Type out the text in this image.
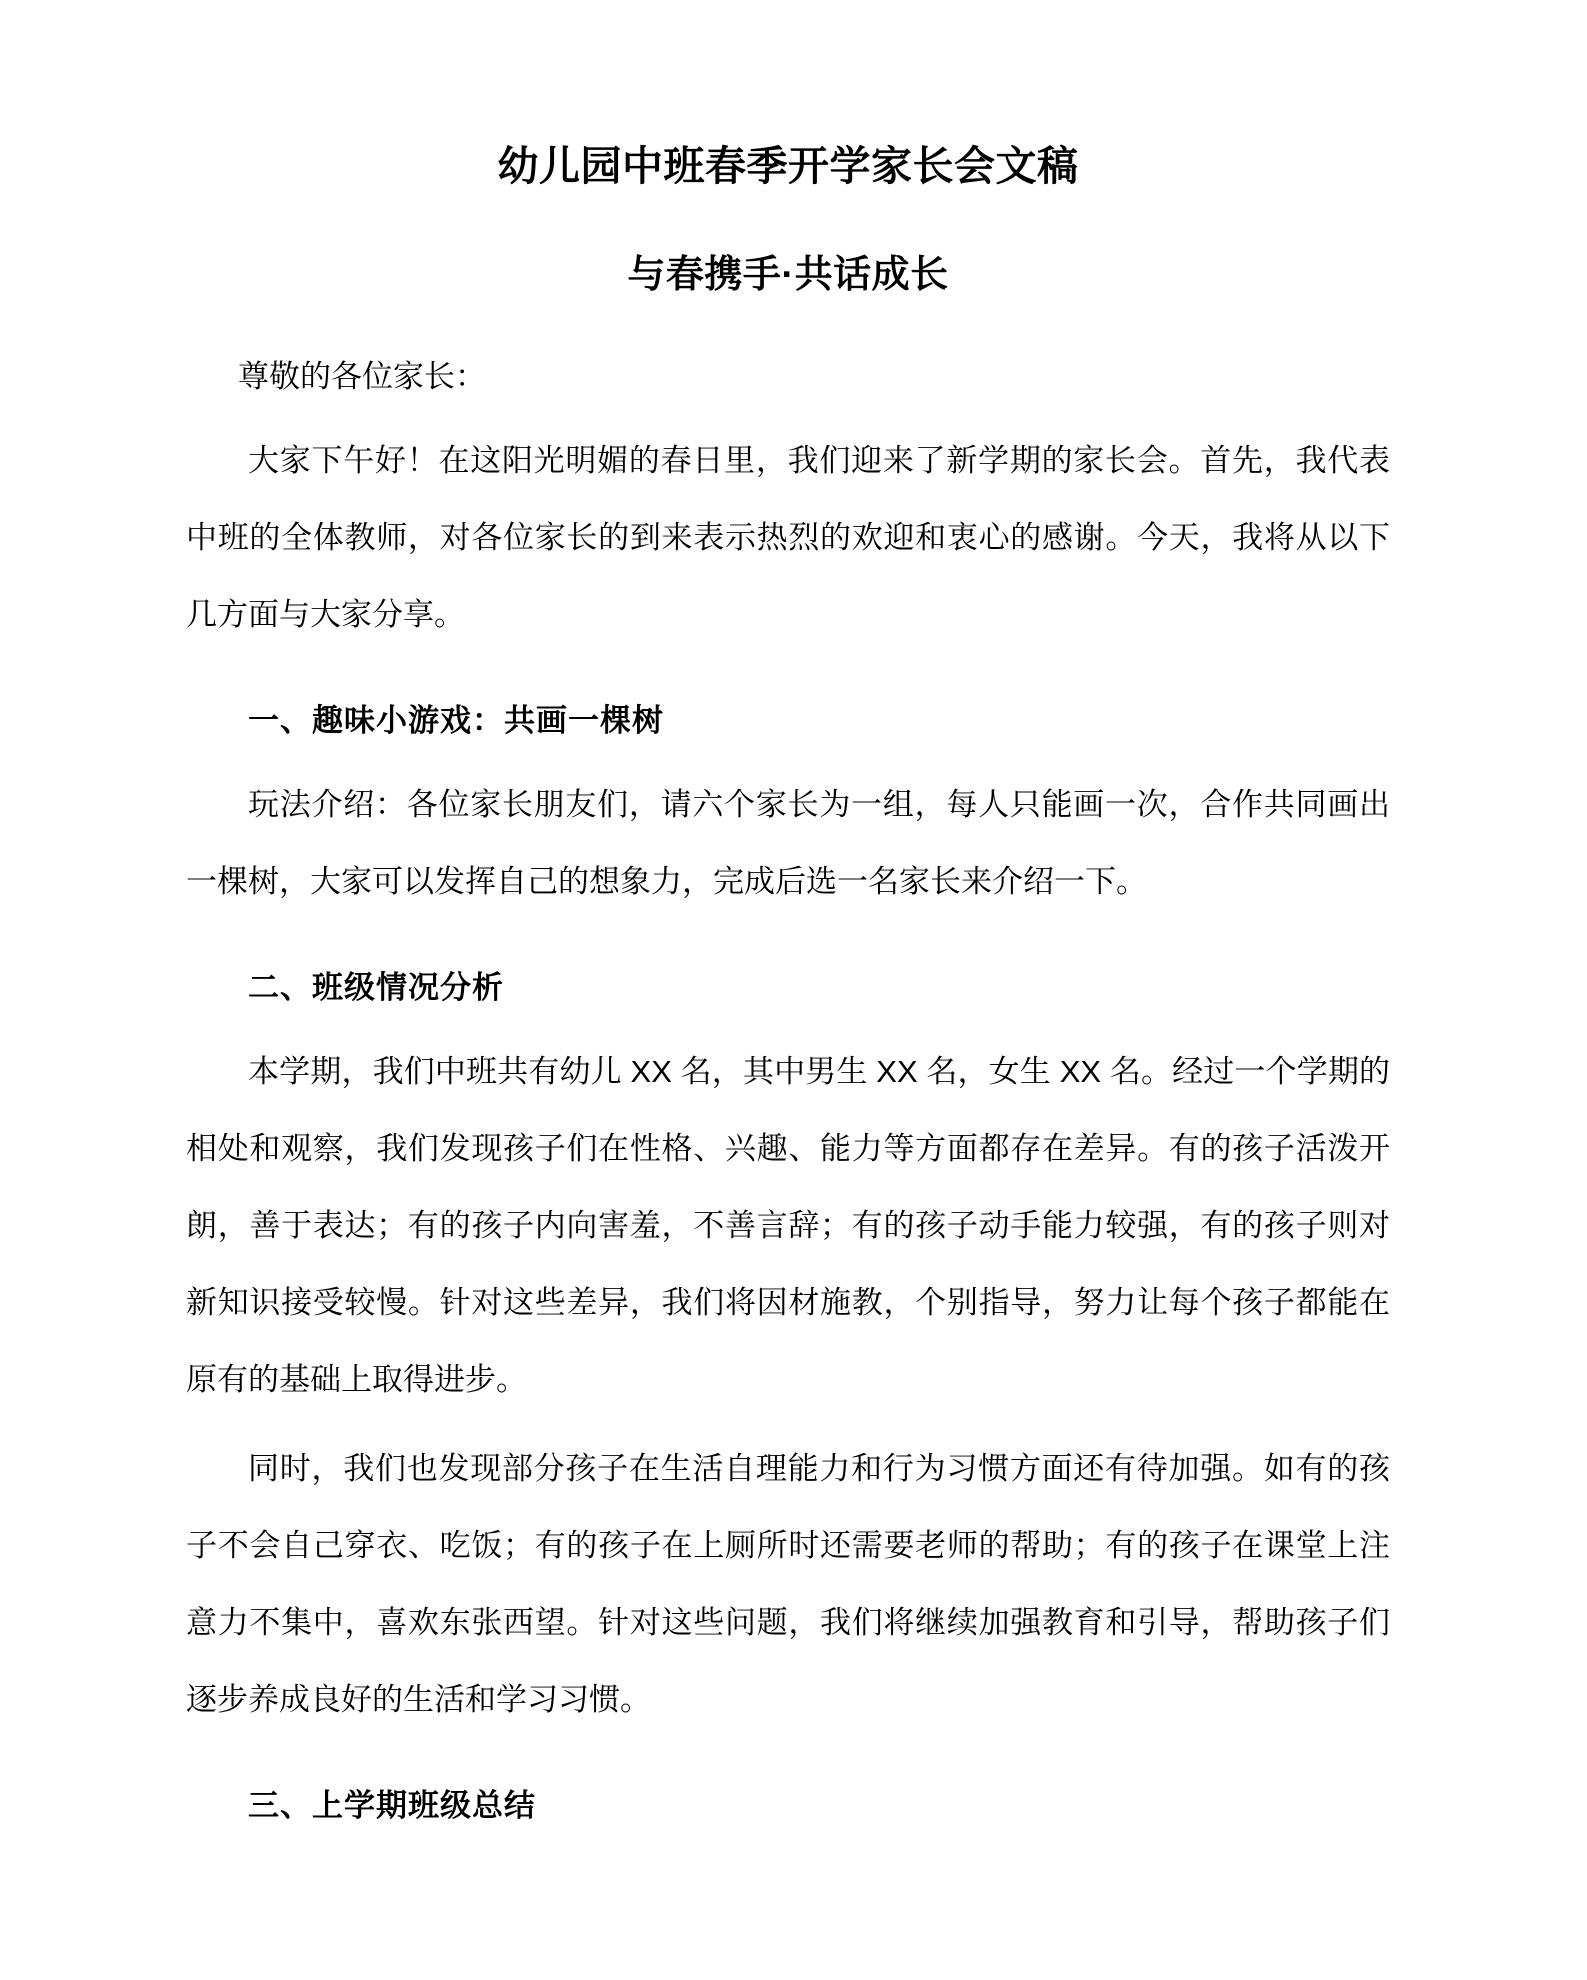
幼儿园中班春季开学家长会文稿
与春携手·共话成长

尊敬的各位家长：

大家下午好！在这阳光明媚的春日里，我们迎来了新学期的家长会。首先，我代表中班的全体教师，对各位家长的到来表示热烈的欢迎和衷心的感谢。今天，我将从以下几方面与大家分享。

一、趣味小游戏：共画一棵树

玩法介绍：各位家长朋友们，请六个家长为一组，每人只能画一次，合作共同画出一棵树，大家可以发挥自己的想象力，完成后选一名家长来介绍一下。

二、班级情况分析

本学期，我们中班共有幼儿 XX 名，其中男生 XX 名，女生 XX 名。经过一个学期的相处和观察，我们发现孩子们在性格、兴趣、能力等方面都存在差异。有的孩子活泼开朗，善于表达；有的孩子内向害羞，不善言辞；有的孩子动手能力较强，有的孩子则对新知识接受较慢。针对这些差异，我们将因材施教，个别指导，努力让每个孩子都能在原有的基础上取得进步。

同时，我们也发现部分孩子在生活自理能力和行为习惯方面还有待加强。如有的孩子不会自己穿衣、吃饭；有的孩子在上厕所时还需要老师的帮助；有的孩子在课堂上注意力不集中，喜欢东张西望。针对这些问题，我们将继续加强教育和引导，帮助孩子们逐步养成良好的生活和学习习惯。

三、上学期班级总结
